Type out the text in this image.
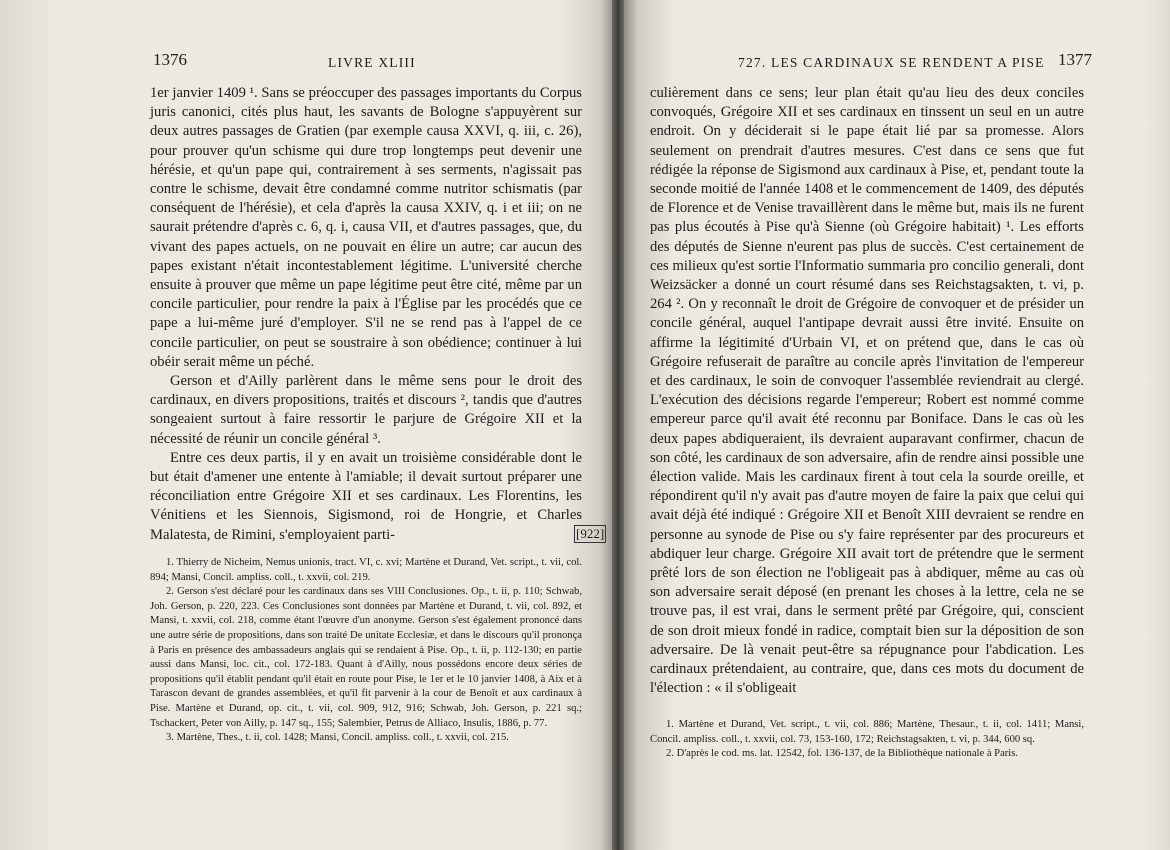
1376	LIVRE XLIII

1er janvier 1409 ¹. Sans se préoccuper des passages importants du Corpus juris canonici, cités plus haut, les savants de Bologne s'appuyèrent sur deux autres passages de Gratien (par exemple causa XXVI, q. iii, c. 26), pour prouver qu'un schisme qui dure trop longtemps peut devenir une hérésie, et qu'un pape qui, contrairement à ses serments, n'agissait pas contre le schisme, devait être condamné comme nutritor schismatis (par conséquent de l'hérésie), et cela d'après la causa XXIV, q. i et iii; on ne saurait prétendre d'après c. 6, q. i, causa VII, et d'autres passages, que, du vivant des papes actuels, on ne pouvait en élire un autre; car aucun des papes existant n'était incontestablement légitime. L'université cherche ensuite à prouver que même un pape légitime peut être cité, même par un concile particulier, pour rendre la paix à l'Église par les procédés que ce pape a lui-même juré d'employer. S'il ne se rend pas à l'appel de ce concile particulier, on peut se soustraire à son obédience; continuer à lui obéir serait même un péché.

Gerson et d'Ailly parlèrent dans le même sens pour le droit des cardinaux, en divers propositions, traités et discours ², tandis que d'autres songeaient surtout à faire ressortir le parjure de Grégoire XII et la nécessité de réunir un concile général ³.

Entre ces deux partis, il y en avait un troisième considérable dont le but était d'amener une entente à l'amiable; il devait surtout préparer une réconciliation entre Grégoire XII et ses cardinaux. Les Florentins, les Vénitiens et les Siennois, Sigismond, roi de Hongrie, et Charles Malatesta, de Rimini, s'employaient parti-	[922]

1. Thierry de Nicheim, Nemus unionis, tract. VI, c. xvi; Martène et Durand, Vet. script., t. vii, col. 894; Mansi, Concil. ampliss. coll., t. xxvii, col. 219.

2. Gerson s'est déclaré pour les cardinaux dans ses VIII Conclusiones. Op., t. ii, p. 110; Schwab, Joh. Gerson, p. 220, 223. Ces Conclusiones sont données par Martène et Durand, t. vii, col. 892, et Mansi, t. xxvii, col. 218, comme étant l'œuvre d'un anonyme. Gerson s'est également prononcé dans une autre série de propositions, dans son traité De unitate Ecclesiæ, et dans le discours qu'il prononça à Paris en présence des ambassadeurs anglais qui se rendaient à Pise. Op., t. ii, p. 112-130; en partie aussi dans Mansi, loc. cit., col. 172-183. Quant à d'Ailly, nous possédons encore deux séries de propositions qu'il établit pendant qu'il était en route pour Pise, le 1er et le 10 janvier 1408, à Aix et à Tarascon devant de grandes assemblées, et qu'il fit parvenir à la cour de Benoît et aux cardinaux à Pise. Martène et Durand, op. cit., t. vii, col. 909, 912, 916; Schwab, Joh. Gerson, p. 221 sq.; Tschackert, Peter von Ailly, p. 147 sq., 155; Salembier, Petrus de Alliaco, Insulis, 1886, p. 77.

3. Martène, Thes., t. ii, col. 1428; Mansi, Concil. ampliss. coll., t. xxvii, col. 215.

727. LES CARDINAUX SE RENDENT A PISE 1377

culièrement dans ce sens; leur plan était qu'au lieu des deux conciles convoqués, Grégoire XII et ses cardinaux en tinssent un seul en un autre endroit. On y déciderait si le pape était lié par sa promesse. Alors seulement on prendrait d'autres mesures. C'est dans ce sens que fut rédigée la réponse de Sigismond aux cardinaux à Pise, et, pendant toute la seconde moitié de l'année 1408 et le commencement de 1409, des députés de Florence et de Venise travaillèrent dans le même but, mais ils ne furent pas plus écoutés à Pise qu'à Sienne (où Grégoire habitait) ¹. Les efforts des députés de Sienne n'eurent pas plus de succès. C'est certainement de ces milieux qu'est sortie l'Informatio summaria pro concilio generali, dont Weizsäcker a donné un court résumé dans ses Reichstagsakten, t. vi, p. 264 ². On y reconnaît le droit de Grégoire de convoquer et de présider un concile général, auquel l'antipape devrait aussi être invité. Ensuite on affirme la légitimité d'Urbain VI, et on prétend que, dans le cas où Grégoire refuserait de paraître au concile après l'invitation de l'empereur et des cardinaux, le soin de convoquer l'assemblée reviendrait au clergé. L'exécution des décisions regarde l'empereur; Robert est nommé comme empereur parce qu'il avait été reconnu par Boniface. Dans le cas où les deux papes abdiqueraient, ils devraient auparavant confirmer, chacun de son côté, les cardinaux de son adversaire, afin de rendre ainsi possible une élection valide. Mais les cardinaux firent à tout cela la sourde oreille, et répondirent qu'il n'y avait pas d'autre moyen de faire la paix que celui qui avait déjà été indiqué : Grégoire XII et Benoît XIII devraient se rendre en personne au synode de Pise ou s'y faire représenter par des procureurs et abdiquer leur charge. Grégoire XII avait tort de prétendre que le serment prêté lors de son élection ne l'obligeait pas à abdiquer, même au cas où son adversaire serait déposé (en prenant les choses à la lettre, cela ne se trouve pas, il est vrai, dans le serment prêté par Grégoire, qui, conscient de son droit mieux fondé in radice, comptait bien sur la déposition de son adversaire. De là venait peut-être sa répugnance pour l'abdication. Les cardinaux prétendaient, au contraire, que, dans ces mots du document de l'élection : « il s'obligeait

1. Martène et Durand, Vet. script., t. vii, col. 886; Martène, Thesaur., t. ii, col. 1411; Mansi, Concil. ampliss. coll., t. xxvii, col. 73, 153-160, 172; Reichstagsakten, t. vi, p. 344, 600 sq.

2. D'après le cod. ms. lat. 12542, fol. 136-137, de la Bibliothèque nationale à Paris.
